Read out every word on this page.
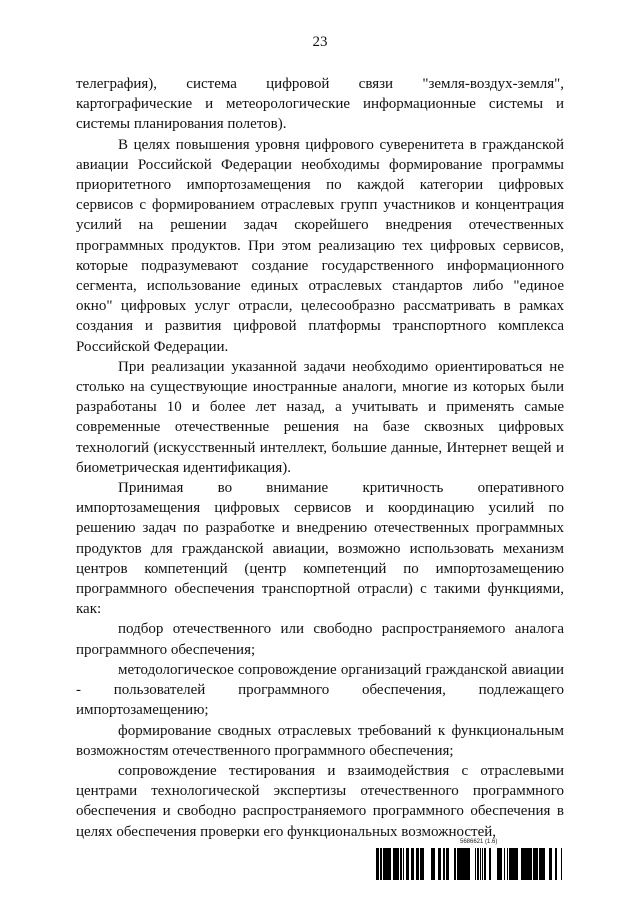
23

телеграфия), система цифровой связи "земля-воздух-земля", картографические и метеорологические информационные системы и системы планирования полетов).

В целях повышения уровня цифрового суверенитета в гражданской авиации Российской Федерации необходимы формирование программы приоритетного импортозамещения по каждой категории цифровых сервисов с формированием отраслевых групп участников и концентрация усилий на решении задач скорейшего внедрения отечественных программных продуктов. При этом реализацию тех цифровых сервисов, которые подразумевают создание государственного информационного сегмента, использование единых отраслевых стандартов либо "единое окно" цифровых услуг отрасли, целесообразно рассматривать в рамках создания и развития цифровой платформы транспортного комплекса Российской Федерации.

При реализации указанной задачи необходимо ориентироваться не столько на существующие иностранные аналоги, многие из которых были разработаны 10 и более лет назад, а учитывать и применять самые современные отечественные решения на базе сквозных цифровых технологий (искусственный интеллект, большие данные, Интернет вещей и биометрическая идентификация).

Принимая во внимание критичность оперативного импортозамещения цифровых сервисов и координацию усилий по решению задач по разработке и внедрению отечественных программных продуктов для гражданской авиации, возможно использовать механизм центров компетенций (центр компетенций по импортозамещению программного обеспечения транспортной отрасли) с такими функциями, как:

подбор отечественного или свободно распространяемого аналога программного обеспечения;

методологическое сопровождение организаций гражданской авиации - пользователей программного обеспечения, подлежащего импортозамещению;

формирование сводных отраслевых требований к функциональным возможностям отечественного программного обеспечения;

сопровождение тестирования и взаимодействия с отраслевыми центрами технологической экспертизы отечественного программного обеспечения и свободно распространяемого программного обеспечения в целях обеспечения проверки его функциональных возможностей,

5686621 (1.6)
